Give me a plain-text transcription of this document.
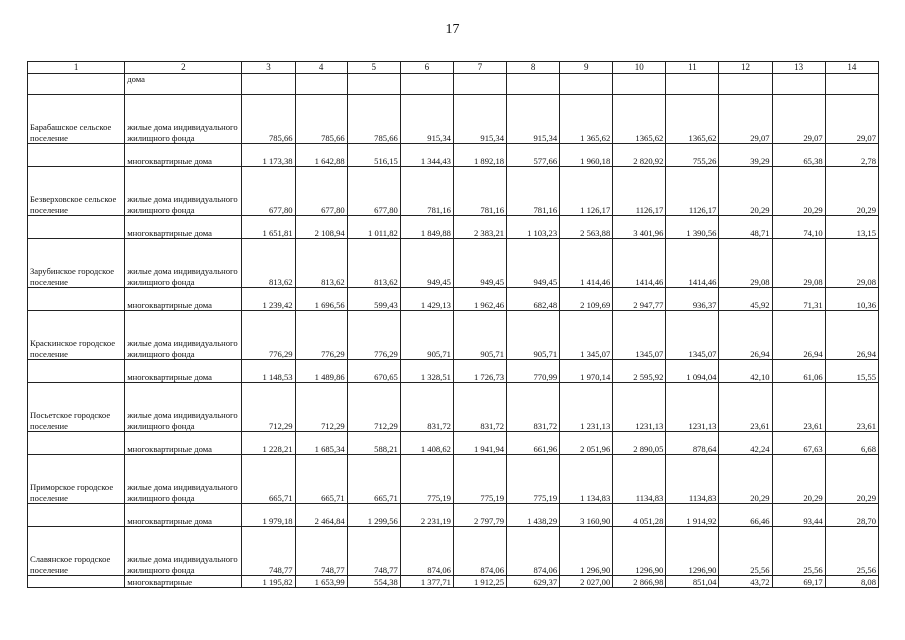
17
1	2	3	4	5	6	7	8	9	10	11	12	13	14
	дома												
Барабашское сельское поселение	жилые дома индивидуального жилищного фонда	785,66	785,66	785,66	915,34	915,34	915,34	1 365,62	1365,62	1365,62	29,07	29,07	29,07
	многоквартирные дома	1 173,38	1 642,88	516,15	1 344,43	1 892,18	577,66	1 960,18	2 820,92	755,26	39,29	65,38	2,78
Безверховское сельское поселение	жилые дома индивидуального жилищного фонда	677,80	677,80	677,80	781,16	781,16	781,16	1 126,17	1126,17	1126,17	20,29	20,29	20,29
	многоквартирные дома	1 651,81	2 108,94	1 011,82	1 849,88	2 383,21	1 103,23	2 563,88	3 401,96	1 390,56	48,71	74,10	13,15
Зарубинское городское поселение	жилые дома индивидуального жилищного фонда	813,62	813,62	813,62	949,45	949,45	949,45	1 414,46	1414,46	1414,46	29,08	29,08	29,08
	многоквартирные дома	1 239,42	1 696,56	599,43	1 429,13	1 962,46	682,48	2 109,69	2 947,77	936,37	45,92	71,31	10,36
Краскинское городское поселение	жилые дома индивидуального жилищного фонда	776,29	776,29	776,29	905,71	905,71	905,71	1 345,07	1345,07	1345,07	26,94	26,94	26,94
	многоквартирные дома	1 148,53	1 489,86	670,65	1 328,51	1 726,73	770,99	1 970,14	2 595,92	1 094,04	42,10	61,06	15,55
Посьетское городское поселение	жилые дома индивидуального жилищного фонда	712,29	712,29	712,29	831,72	831,72	831,72	1 231,13	1231,13	1231,13	23,61	23,61	23,61
	многоквартирные дома	1 228,21	1 685,34	588,21	1 408,62	1 941,94	661,96	2 051,96	2 890,05	878,64	42,24	67,63	6,68
Приморское городское поселение	жилые дома индивидуального жилищного фонда	665,71	665,71	665,71	775,19	775,19	775,19	1 134,83	1134,83	1134,83	20,29	20,29	20,29
	многоквартирные дома	1 979,18	2 464,84	1 299,56	2 231,19	2 797,79	1 438,29	3 160,90	4 051,28	1 914,92	66,46	93,44	28,70
Славянское городское поселение	жилые дома индивидуального жилищного фонда	748,77	748,77	748,77	874,06	874,06	874,06	1 296,90	1296,90	1296,90	25,56	25,56	25,56
	многоквартирные	1 195,82	1 653,99	554,38	1 377,71	1 912,25	629,37	2 027,00	2 866,98	851,04	43,72	69,17	8,08
